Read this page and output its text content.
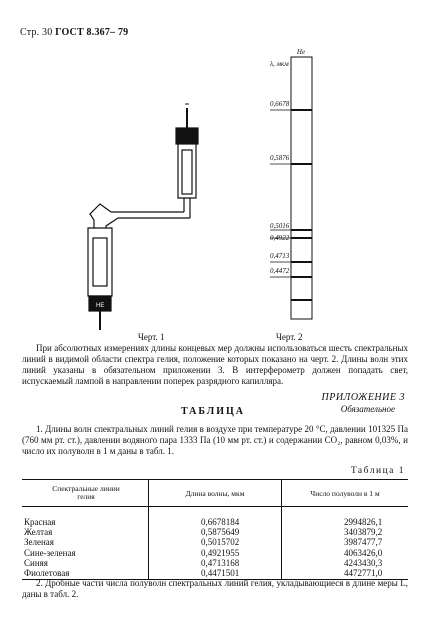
Стр. 30 ГОСТ 8.367– 79
НЕ
He
λ, мкм
0,6678
0,5876
0,5016
0,4922
0,4713
0,4472
Черт. 1	Черт. 2
При абсолютных измерениях длины концевых мер должны использоваться шесть спектральных линий в видимой области спектра гелия, положение которых показано на черт. 2. Длины волн этих линий указаны в обязательном приложении 3. В интерферометр должен попадать свет, испускаемый лампой в направлении поперек разрядного капилляра.
ПРИЛОЖЕНИЕ 3
Обязательное
ТАБЛИЦА
1. Длины волн спектральных линий гелия в воздухе при температуре 20 °С, давлении 101325 Па (760 мм рт. ст.), давлении водяного пара 1333 Па (10 мм рт. ст.) и содержании CO₂, равном 0,03%, и число их полуволн в 1 м даны в табл. 1.
Таблица 1
Спектральные линии
гелия	Длина волны, мкм	Число полуволн в 1 м
Красная	0,6678184	2994826,1
Желтая	0,5875649	3403879,2
Зеленая	0,5015702	3987477,7
Сине-зеленая	0,4921955	4063426,0
Синяя	0,4713168	4243430,3
Фиолетовая	0,4471501	4472771,0
2. Дробные части числа полуволн спектральных линий гелия, укладывающиеся в длине меры L, даны в табл. 2.
